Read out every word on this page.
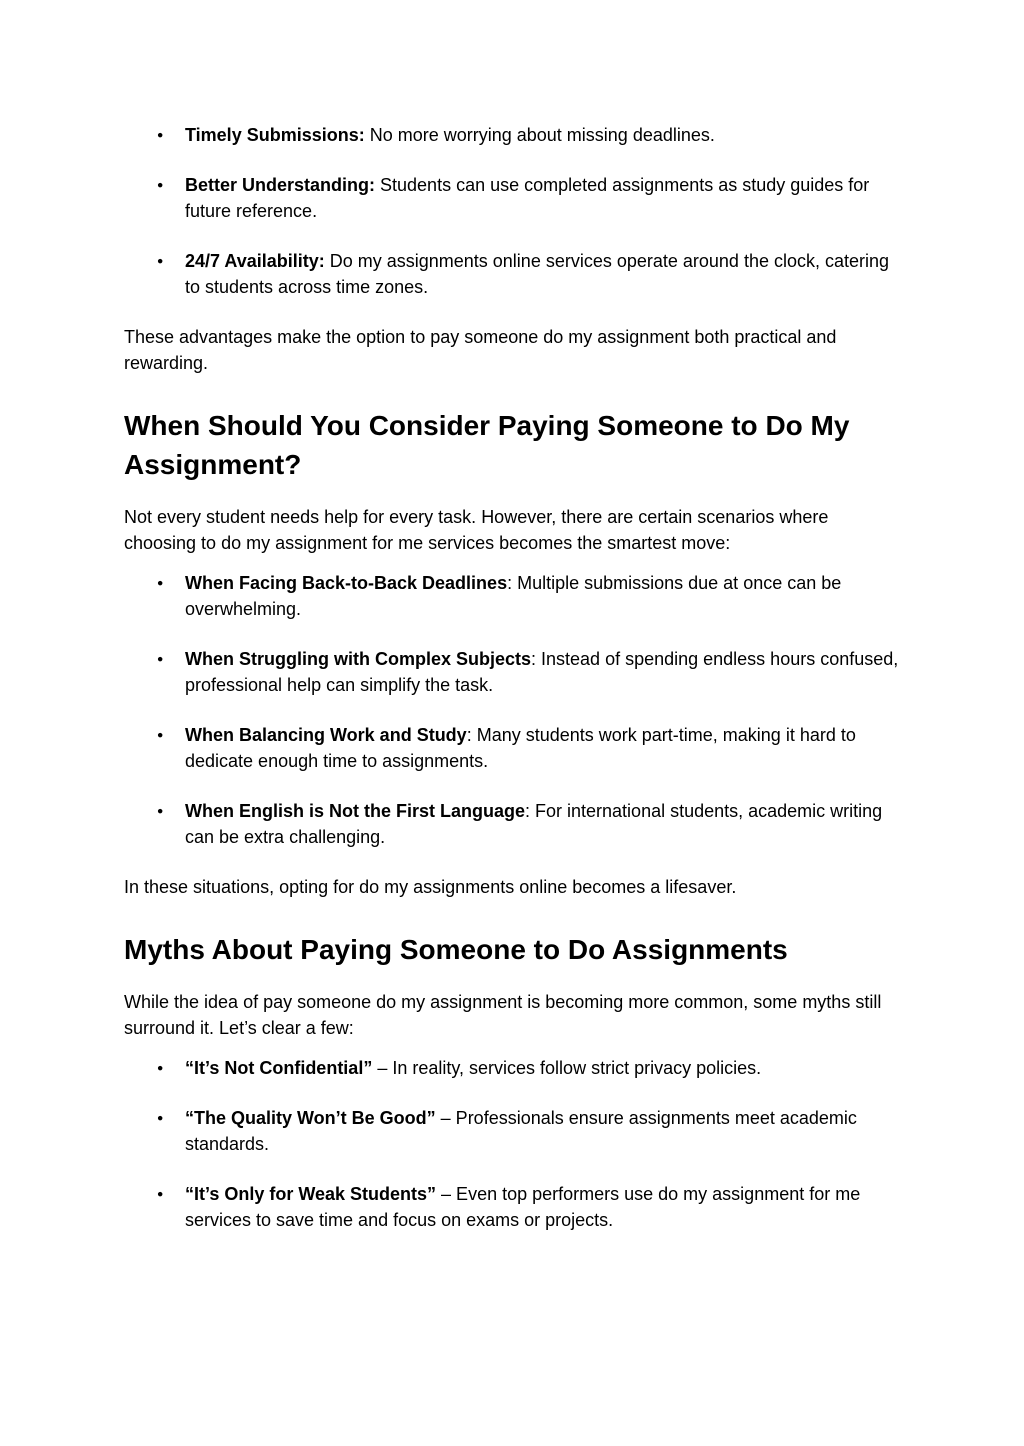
● Timely Submissions: No more worrying about missing deadlines.
● Better Understanding: Students can use completed assignments as study guides for future reference.
● 24/7 Availability: Do my assignments online services operate around the clock, catering to students across time zones.

These advantages make the option to pay someone do my assignment both practical and rewarding.

When Should You Consider Paying Someone to Do My Assignment?

Not every student needs help for every task. However, there are certain scenarios where choosing to do my assignment for me services becomes the smartest move:

● When Facing Back-to-Back Deadlines: Multiple submissions due at once can be overwhelming.
● When Struggling with Complex Subjects: Instead of spending endless hours confused, professional help can simplify the task.
● When Balancing Work and Study: Many students work part-time, making it hard to dedicate enough time to assignments.
● When English is Not the First Language: For international students, academic writing can be extra challenging.

In these situations, opting for do my assignments online becomes a lifesaver.

Myths About Paying Someone to Do Assignments

While the idea of pay someone do my assignment is becoming more common, some myths still surround it. Let’s clear a few:

● “It’s Not Confidential” – In reality, services follow strict privacy policies.
● “The Quality Won’t Be Good” – Professionals ensure assignments meet academic standards.
● “It’s Only for Weak Students” – Even top performers use do my assignment for me services to save time and focus on exams or projects.
